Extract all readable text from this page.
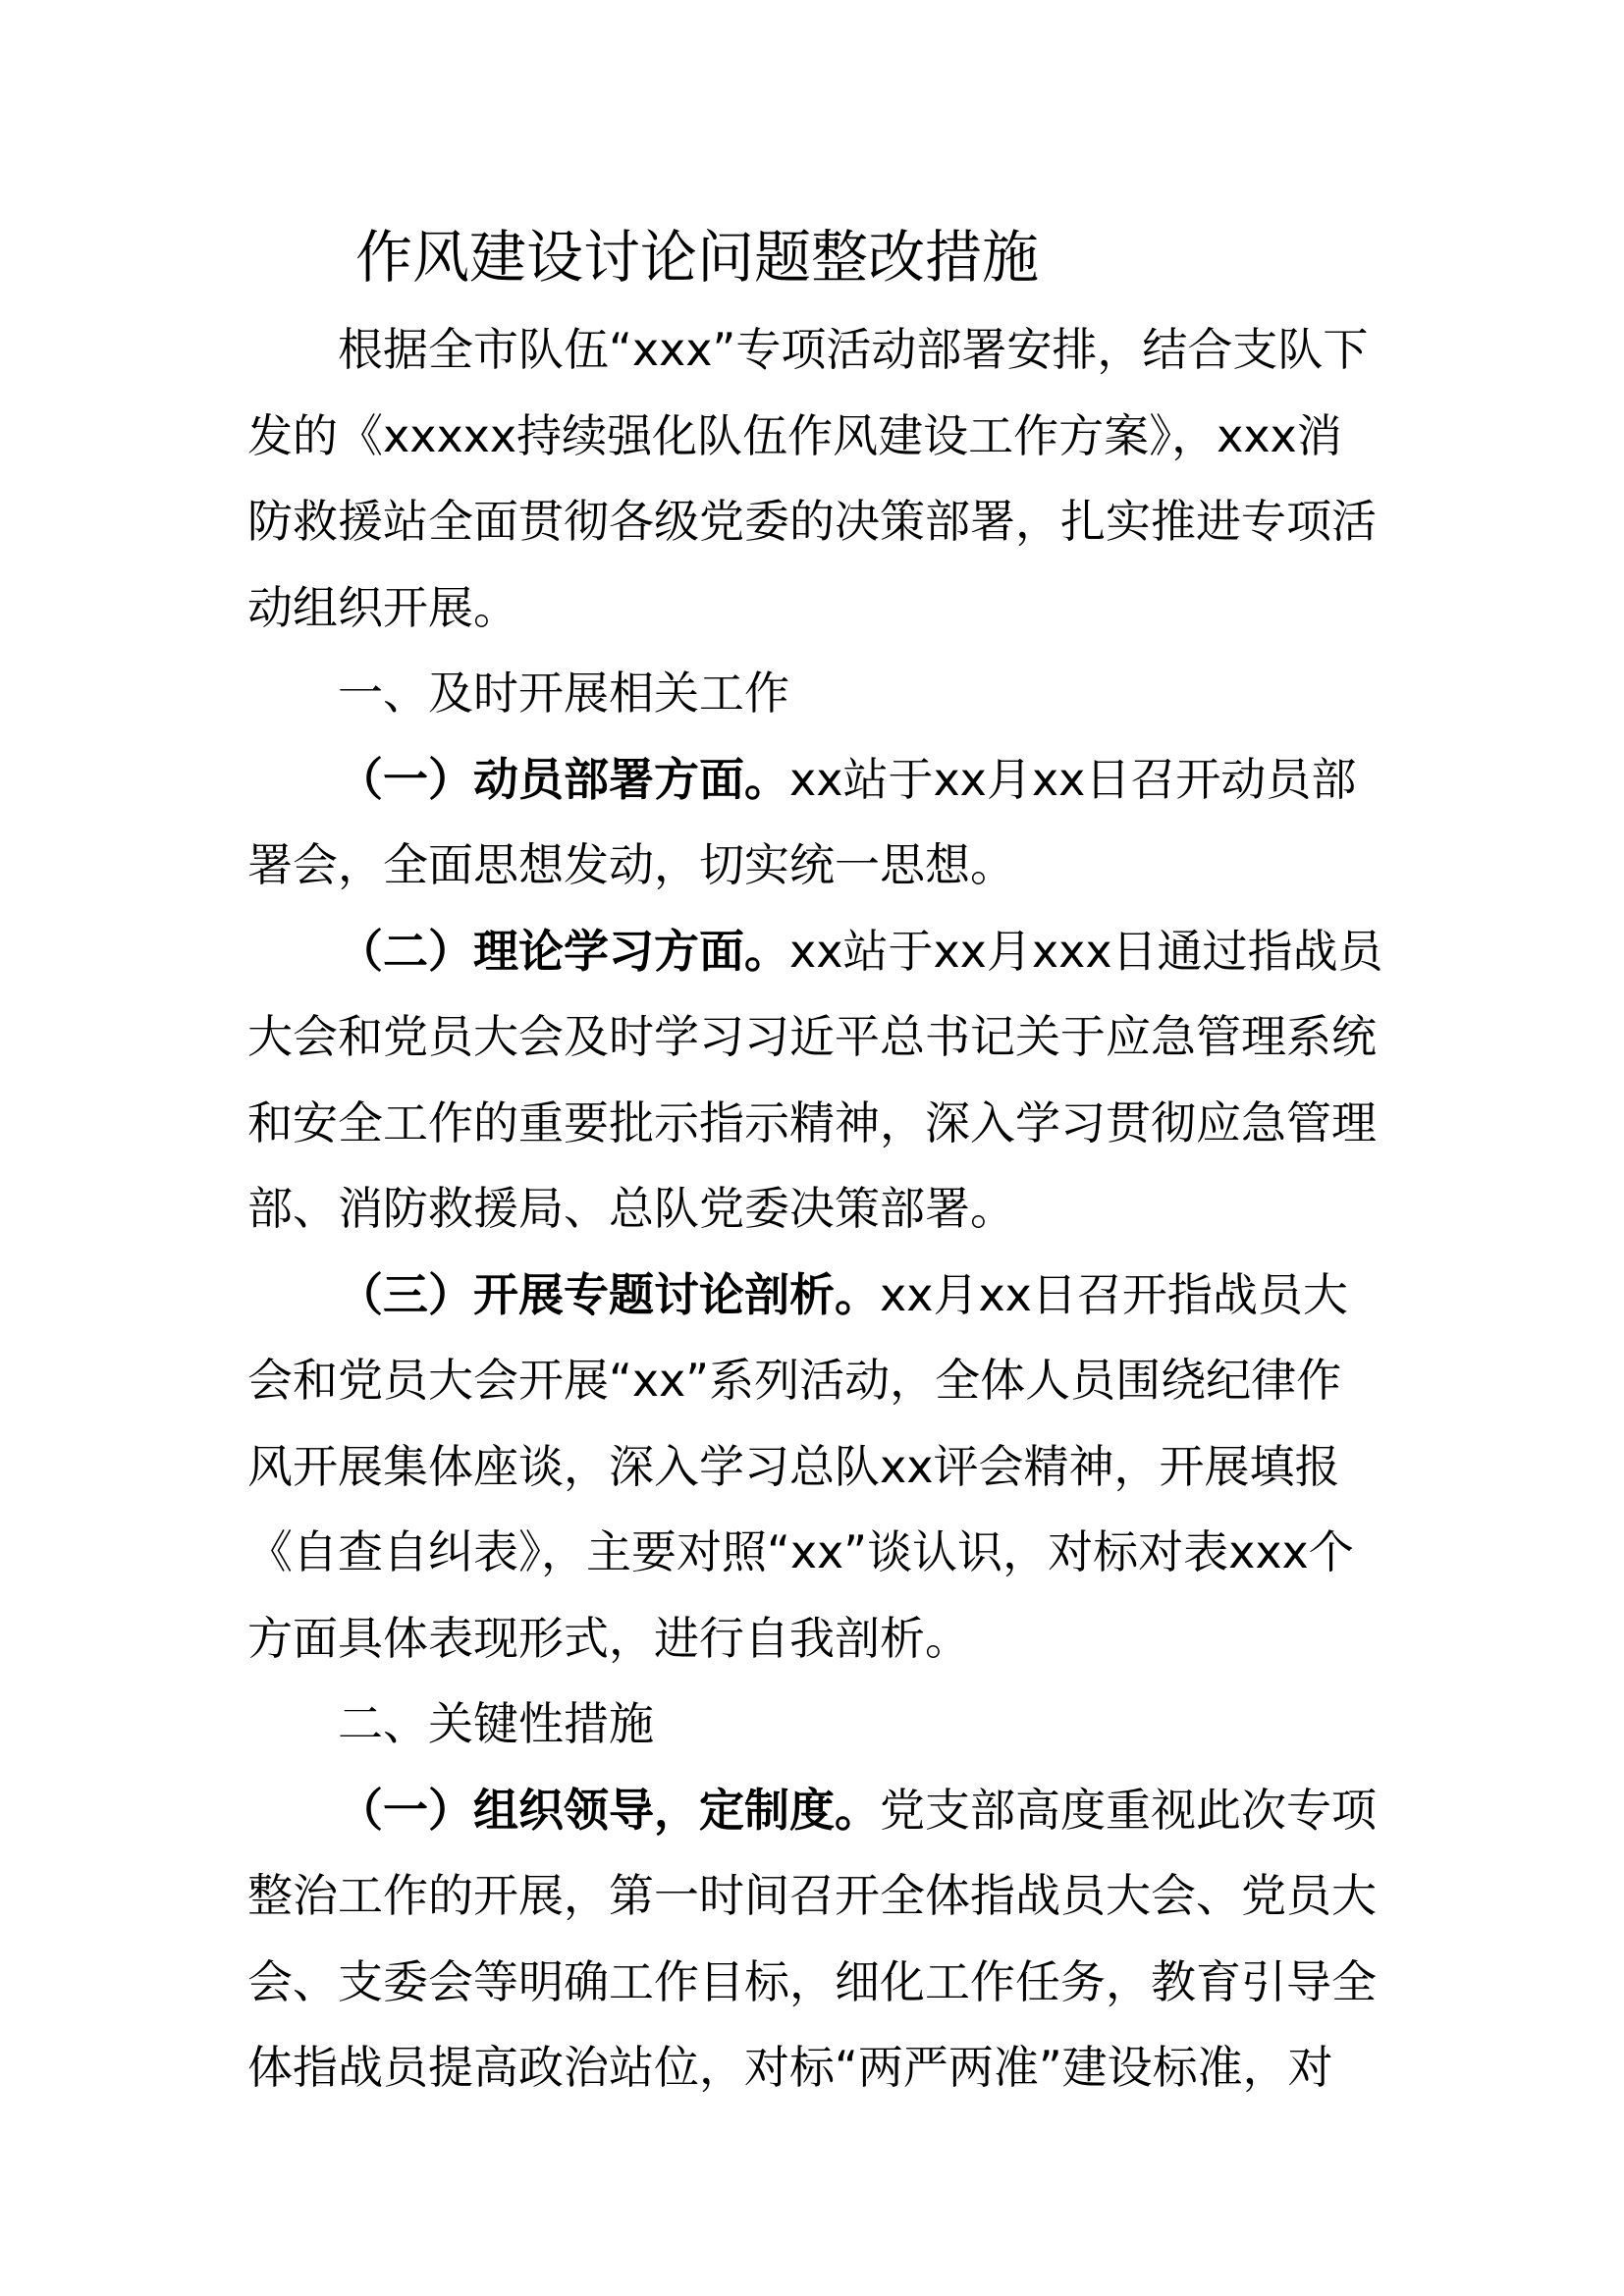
作风建设讨论问题整改措施

根据全市队伍“xxx”专项活动部署安排，结合支队下发的《xxxxx持续强化队伍作风建设工作方案》，xxx消防救援站全面贯彻各级党委的决策部署，扎实推进专项活动组织开展。

一、及时开展相关工作

（一）动员部署方面。xx站于xx月xx日召开动员部署会，全面思想发动，切实统一思想。

（二）理论学习方面。xx站于xx月xxx日通过指战员大会和党员大会及时学习习近平总书记关于应急管理系统和安全工作的重要批示指示精神，深入学习贯彻应急管理部、消防救援局、总队党委决策部署。

（三）开展专题讨论剖析。xx月xx日召开指战员大会和党员大会开展“xx”系列活动，全体人员围绕纪律作风开展集体座谈，深入学习总队xx评会精神，开展填报《自查自纠表》，主要对照“xx”谈认识，对标对表xxx个方面具体表现形式，进行自我剖析。

二、关键性措施

（一）组织领导，定制度。党支部高度重视此次专项整治工作的开展，第一时间召开全体指战员大会、党员大会、支委会等明确工作目标，细化工作任务，教育引导全体指战员提高政治站位，对标“两严两准”建设标准，对
